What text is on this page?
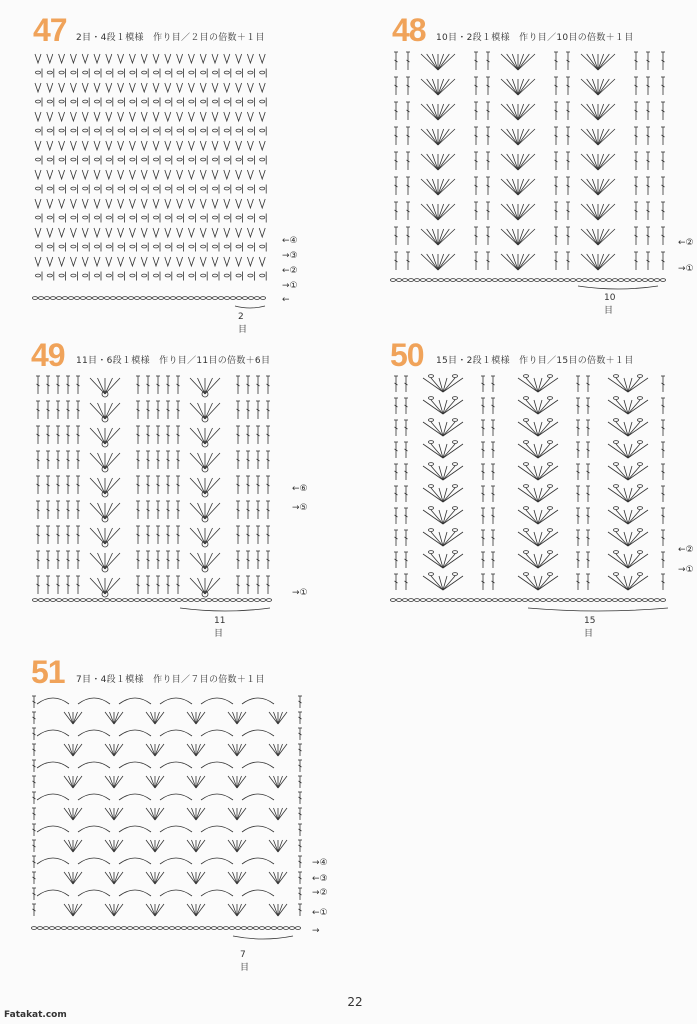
47 2目・4段１模様　作り目／２目の倍数＋１目
←④
→③
←②
→①
←
2目
48 10目・2段１模様　作り目／10目の倍数＋１目
←②
→①
10目
49 11目・6段１模様　作り目／11目の倍数＋6目
←⑥
→⑤
→①
11目
50 15目・2段１模様　作り目／15目の倍数＋１目
←②
→①
15目
51 7目・4段１模様　作り目／７目の倍数＋１目
→④
←③
→②
←①
→
7目
22
Fatakat.com
